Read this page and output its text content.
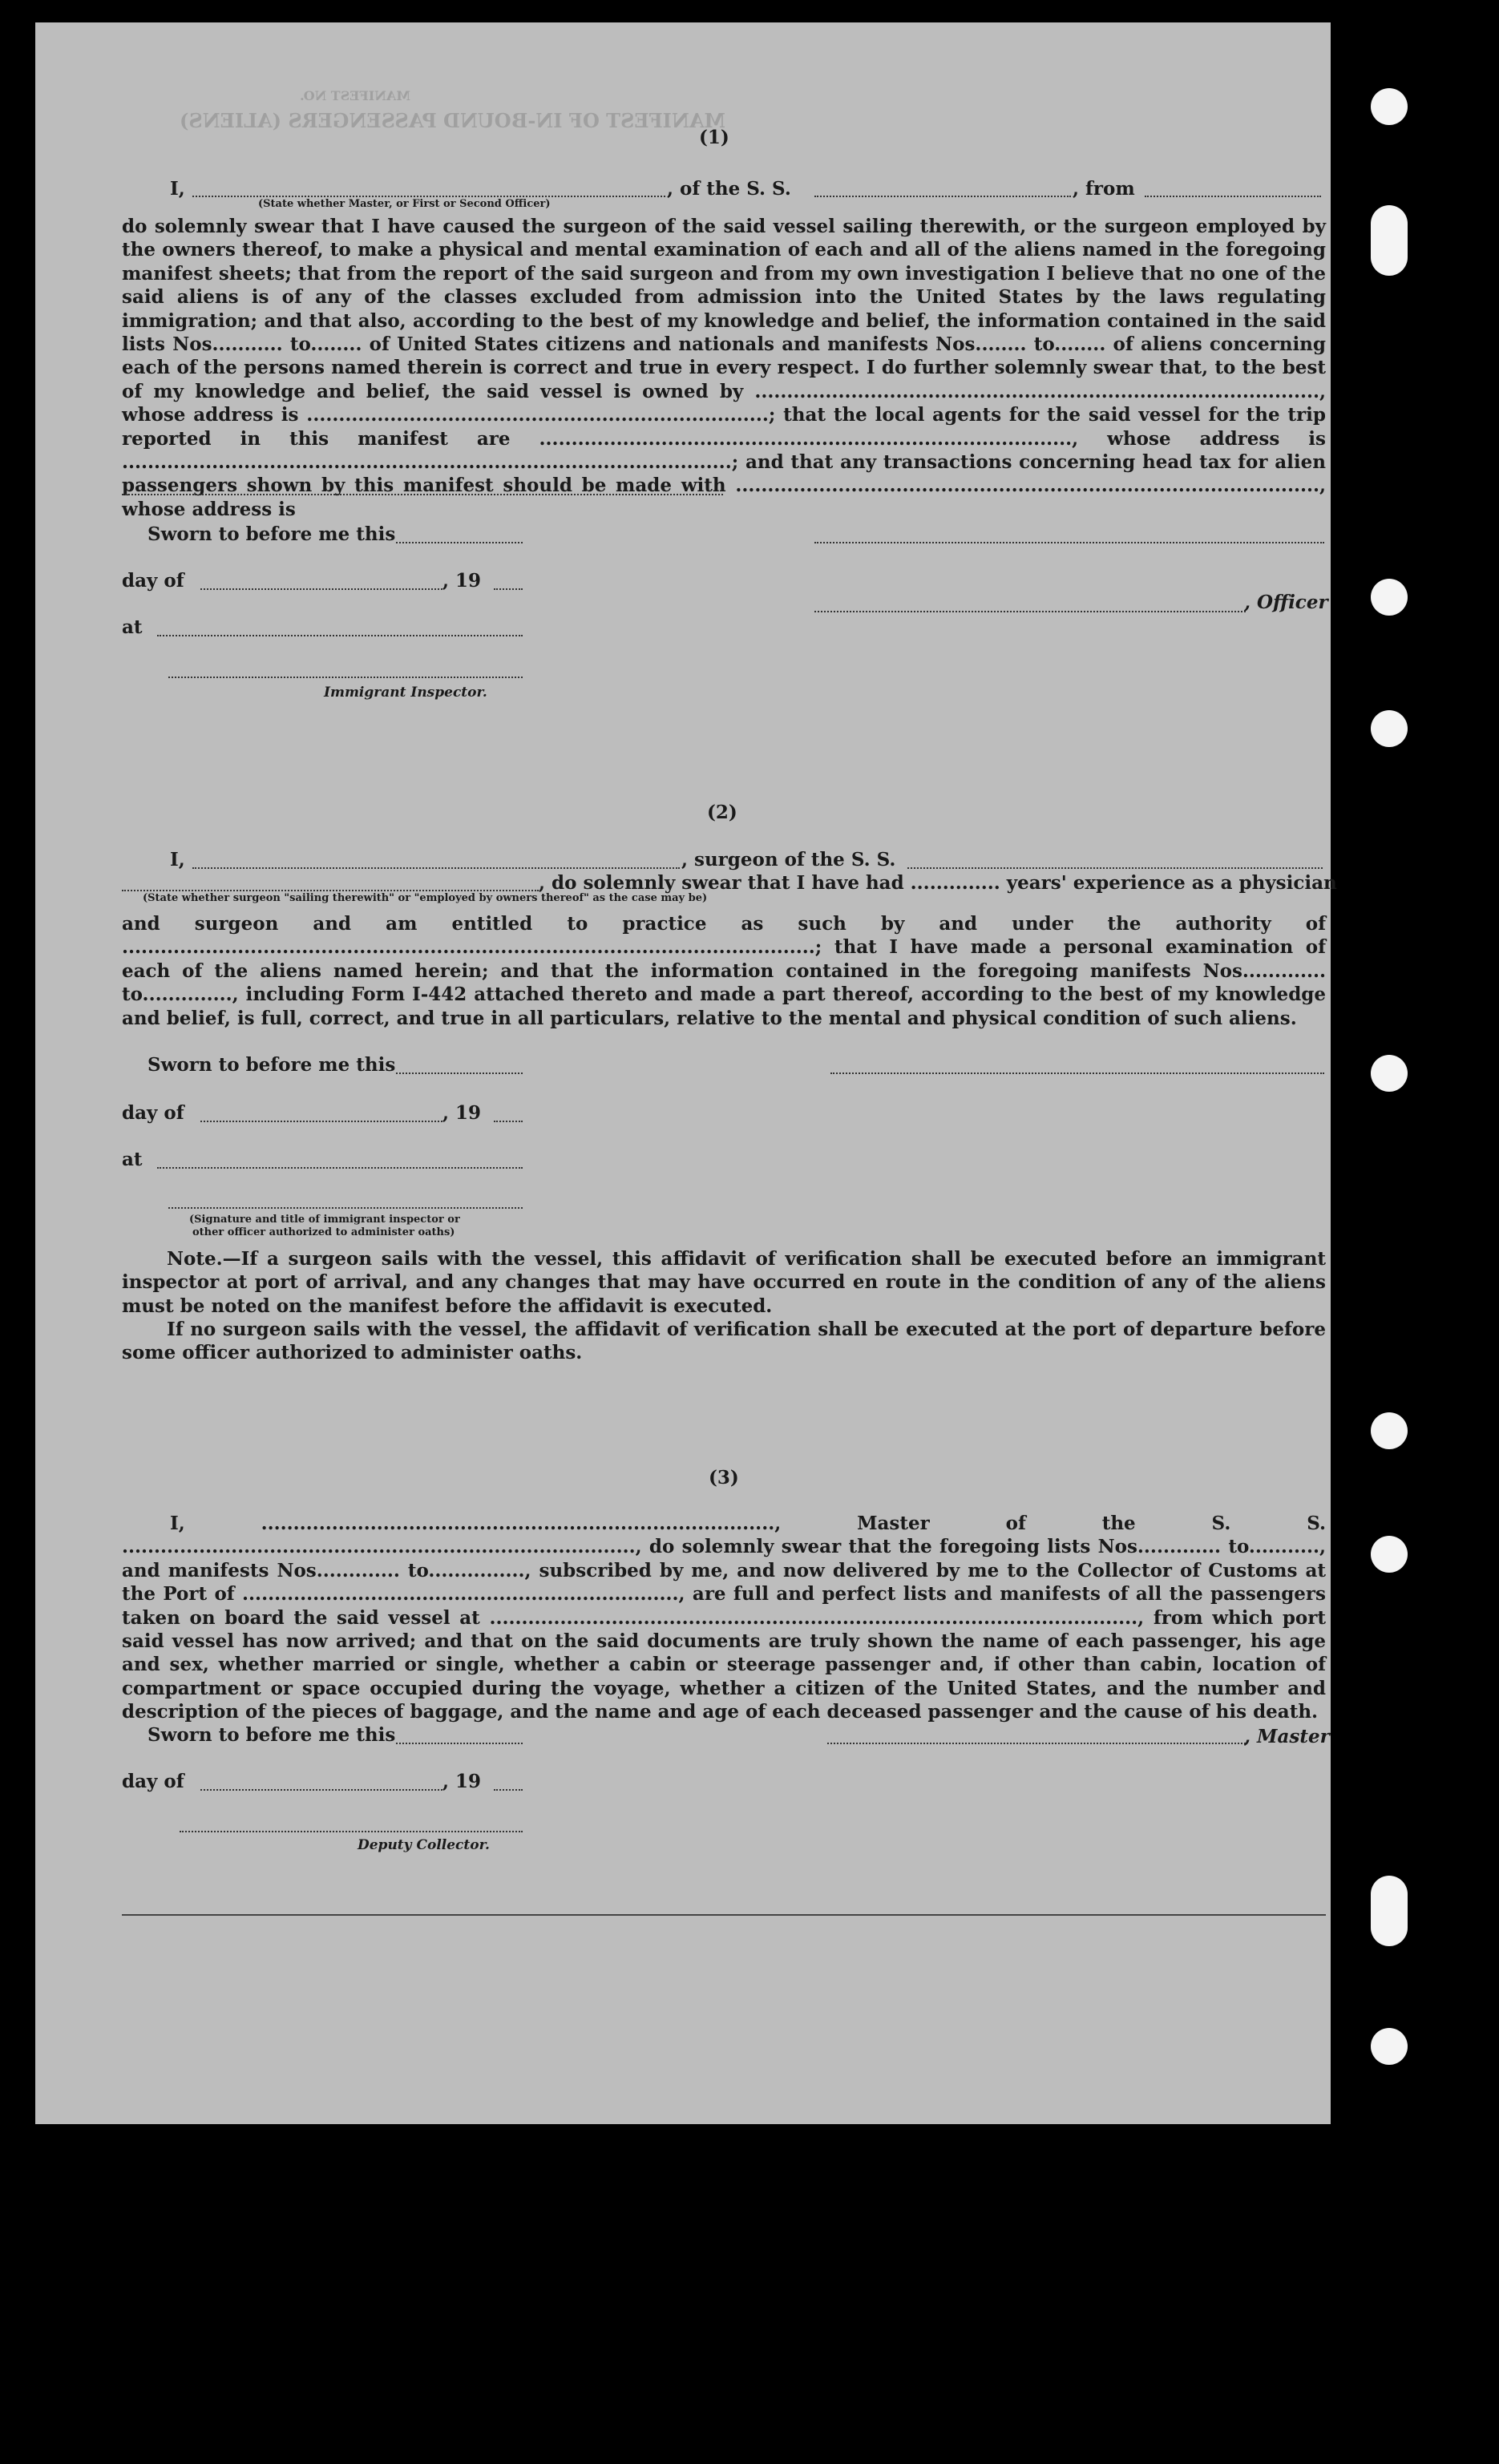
MANIFEST OF IN-BOUND PASSENGERS (ALIENS)
MANIFEST NO.
(1)
I,	, of the S. S.	, from
(State whether Master, or First or Second Officer)
do solemnly swear that I have caused the surgeon of the said vessel sailing therewith, or the surgeon employed by the owners thereof, to make a physical and mental examination of each and all of the aliens named in the foregoing manifest sheets; that from the report of the said surgeon and from my own investigation I believe that no one of the said aliens is of any of the classes excluded from admission into the United States by the laws regulating immigration; and that also, according to the best of my knowledge and belief, the information contained in the said lists Nos........... to........ of United States citizens and nationals and manifests Nos........ to........ of aliens concerning each of the persons named therein is correct and true in every respect. I do further solemnly swear that, to the best of my knowledge and belief, the said vessel is owned by ........................................................................................, whose address is ........................................................................; that the local agents for the said vessel for the trip reported in this manifest are ..................................................................................., whose address is ...............................................................................................; and that any transactions concerning head tax for alien passengers shown by this manifest should be made with ..........................................................................................., whose address is
Sworn to before me this
day of	, 19
, Officer
at
Immigrant Inspector.
(2)
I,	, surgeon of the S. S.
, do solemnly swear that I have had .............. years' experience as a physician
(State whether surgeon "sailing therewith" or "employed by owners thereof" as the case may be)
and surgeon and am entitled to practice as such by and under the authority of ............................................................................................................; that I have made a personal examination of each of the aliens named herein; and that the information contained in the foregoing manifests Nos............. to.............., including Form I-442 attached thereto and made a part thereof, according to the best of my knowledge and belief, is full, correct, and true in all particulars, relative to the mental and physical condition of such aliens.
Sworn to before me this
day of	, 19
at
(Signature and title of immigrant inspector or
other officer authorized to administer oaths)
Note.—If a surgeon sails with the vessel, this affidavit of verification shall be executed before an immigrant inspector at port of arrival, and any changes that may have occurred en route in the condition of any of the aliens must be noted on the manifest before the affidavit is executed.
If no surgeon sails with the vessel, the affidavit of verification shall be executed at the port of departure before some officer authorized to administer oaths.
(3)
I, ................................................................................, Master of the S. S. ................................................................................, do solemnly swear that the foregoing lists Nos............. to..........., and manifests Nos............. to..............., subscribed by me, and now delivered by me to the Collector of Customs at the Port of ...................................................................., are full and perfect lists and manifests of all the passengers taken on board the said vessel at ....................................................................................................., from which port said vessel has now arrived; and that on the said documents are truly shown the name of each passenger, his age and sex, whether married or single, whether a cabin or steerage passenger and, if other than cabin, location of compartment or space occupied during the voyage, whether a citizen of the United States, and the number and description of the pieces of baggage, and the name and age of each deceased passenger and the cause of his death.
Sworn to before me this	, Master
day of	, 19
Deputy Collector.
